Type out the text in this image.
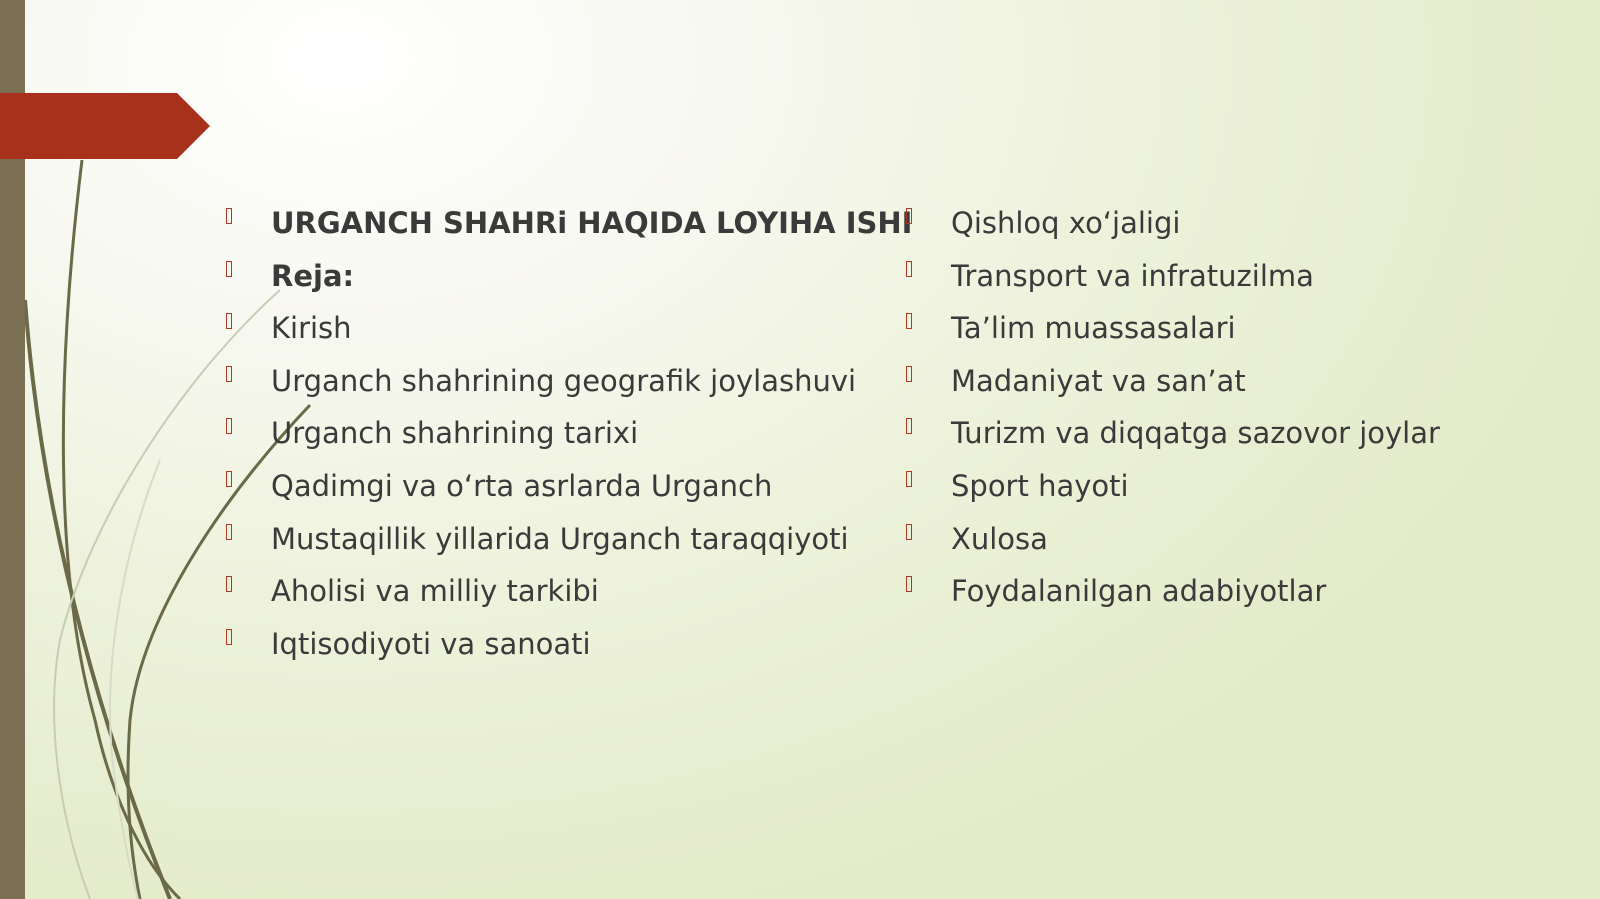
URGANCH SHAHRi HAQIDA LOYIHA ISHI
Reja:
Kirish
Urganch shahrining geografik joylashuvi
Urganch shahrining tarixi
Qadimgi va o‘rta asrlarda Urganch
Mustaqillik yillarida Urganch taraqqiyoti
Aholisi va milliy tarkibi
Iqtisodiyoti va sanoati
Qishloq xo‘jaligi
Transport va infratuzilma
Ta’lim muassasalari
Madaniyat va san’at
Turizm va diqqatga sazovor joylar
Sport hayoti
Xulosa
Foydalanilgan adabiyotlar
